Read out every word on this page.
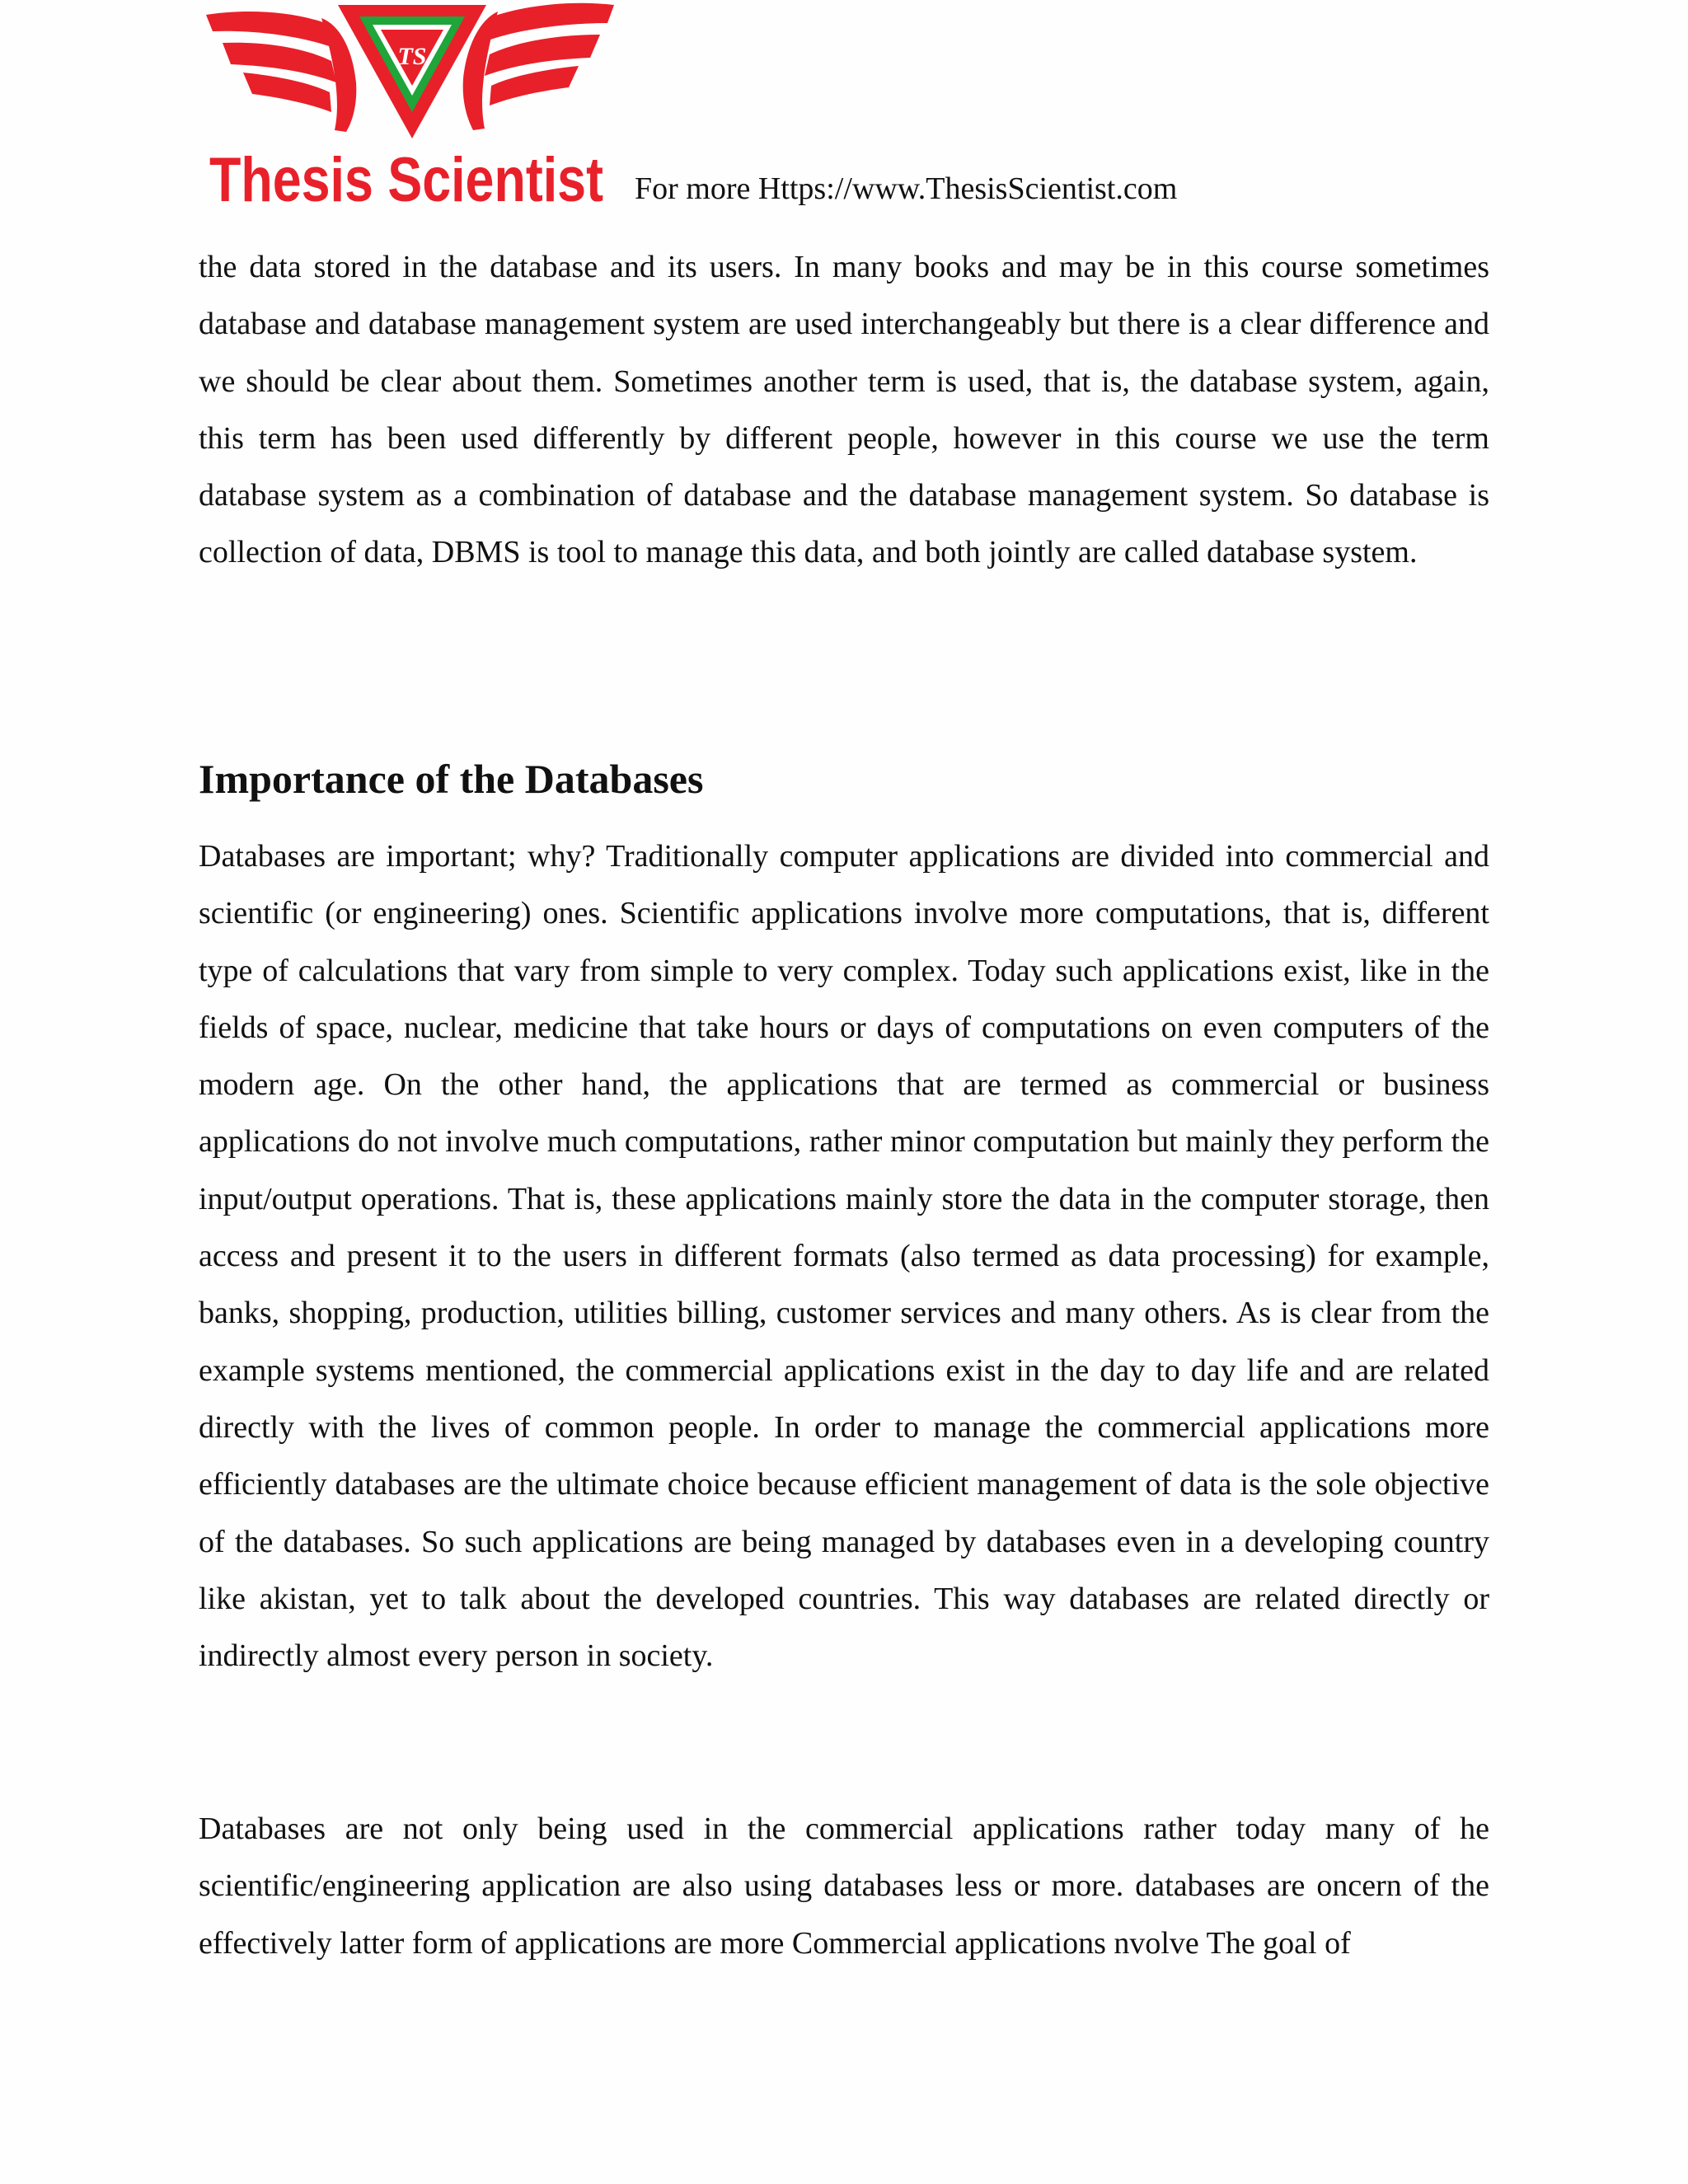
TS
Thesis Scientist For more Https://www.ThesisScientist.com

the data stored in the database and its users. In many books and may be in this course sometimes database and database management system are used interchangeably but there is a clear difference and we should be clear about them. Sometimes another term is used, that is, the database system, again, this term has been used differently by different people, however in this course we use the term database system as a combination of database and the database management system. So database is collection of data, DBMS is tool to manage this data, and both jointly are called database system.

Importance of the Databases

Databases are important; why? Traditionally computer applications are divided into commercial and scientific (or engineering) ones. Scientific applications involve more computations, that is, different type of calculations that vary from simple to very complex. Today such applications exist, like in the fields of space, nuclear, medicine that take hours or days of computations on even computers of the modern age. On the other hand, the applications that are termed as commercial or business applications do not involve much computations, rather minor computation but mainly they perform the input/output operations. That is, these applications mainly store the data in the computer storage, then access and present it to the users in different formats (also termed as data processing) for example, banks, shopping, production, utilities billing, customer services and many others. As is clear from the example systems mentioned, the commercial applications exist in the day to day life and are related directly with the lives of common people. In order to manage the commercial applications more efficiently databases are the ultimate choice because efficient management of data is the sole objective of the databases. So such applications are being managed by databases even in a developing country like akistan, yet to talk about the developed countries. This way databases are related directly or indirectly almost every person in society.

Databases are not only being used in the commercial applications rather today many of he scientific/engineering application are also using databases less or more. databases are oncern of the effectively latter form of applications are more Commercial applications nvolve The goal of
